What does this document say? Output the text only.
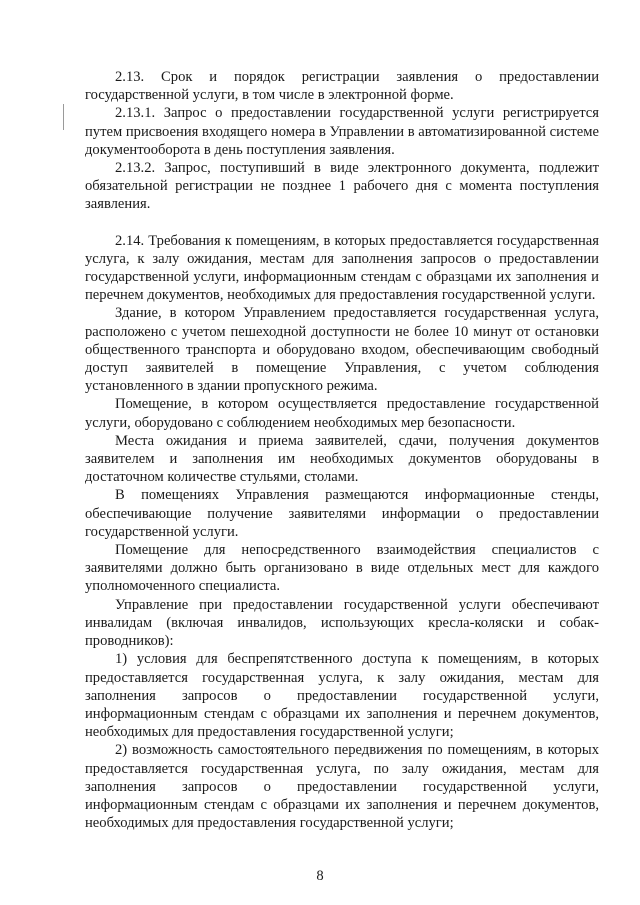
2.13. Срок и порядок регистрации заявления о предоставлении государственной услуги, в том числе в электронной форме.

2.13.1. Запрос о предоставлении государственной услуги регистрируется путем присвоения входящего номера в Управлении в автоматизированной системе документооборота в день поступления заявления.

2.13.2. Запрос, поступивший в виде электронного документа, подлежит обязательной регистрации не позднее 1 рабочего дня с момента поступления заявления.

2.14. Требования к помещениям, в которых предоставляется государственная услуга, к залу ожидания, местам для заполнения запросов о предоставлении государственной услуги, информационным стендам с образцами их заполнения и перечнем документов, необходимых для предоставления государственной услуги.

Здание, в котором Управлением предоставляется государственная услуга, расположено с учетом пешеходной доступности не более 10 минут от остановки общественного транспорта и оборудовано входом, обеспечивающим свободный доступ заявителей в помещение Управления, с учетом соблюдения установленного в здании пропускного режима.

Помещение, в котором осуществляется предоставление государственной услуги, оборудовано с соблюдением необходимых мер безопасности.

Места ожидания и приема заявителей, сдачи, получения документов заявителем и заполнения им необходимых документов оборудованы в достаточном количестве стульями, столами.

В помещениях Управления размещаются информационные стенды, обеспечивающие получение заявителями информации о предоставлении государственной услуги.

Помещение для непосредственного взаимодействия специалистов с заявителями должно быть организовано в виде отдельных мест для каждого уполномоченного специалиста.

Управление при предоставлении государственной услуги обеспечивают инвалидам (включая инвалидов, использующих кресла-коляски и собак-проводников):

1) условия для беспрепятственного доступа к помещениям, в которых предоставляется государственная услуга, к залу ожидания, местам для заполнения запросов о предоставлении государственной услуги, информационным стендам с образцами их заполнения и перечнем документов, необходимых для предоставления государственной услуги;

2) возможность самостоятельного передвижения по помещениям, в которых предоставляется государственная услуга, по залу ожидания, местам для заполнения запросов о предоставлении государственной услуги, информационным стендам с образцами их заполнения и перечнем документов, необходимых для предоставления государственной услуги;

8
